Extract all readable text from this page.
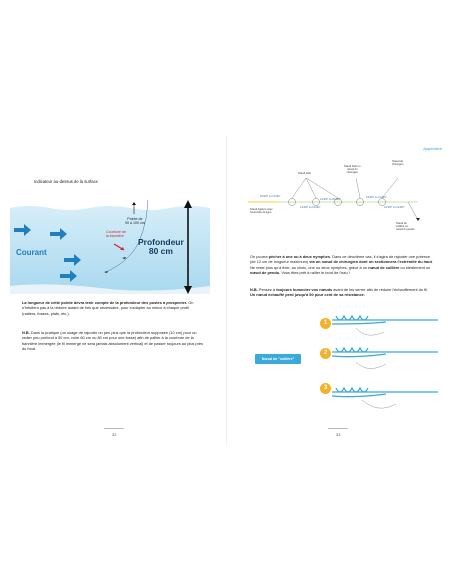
Indicateur au-dessus de la surface
Pointe de
90 à 100 cm
Courbure de
la bannière
Courant
Profondeur
80 cm
La longueur de cette pointe devra tenir compte de la profondeur des postes à prospecter. On n'hésitera pas à la réduire autant de fois que nécessaire, pour s'adapter au mieux à chaque profil (radiers, fosses, plats, etc.).
N.B. Dans la pratique (un usage de rajouter un peu plus que la profondeur supposée (10 cm) pour un radier peu profond à 50 cm, voire 60 cm ou 80 cm pour une fosse) afin de pallier à la courbure de la bannière immergée (le fil immergé ne sera jamais absolument vertical) et de passer toujours au plus près du fond.
32
Appendice
Nœud baril
Nœud baril ou
nœud du
chirurgien
Nœud du
chirurgien
16/100° ou 14/100°
14/100° ou 16/100°
14/100° ou 20/100°
14/100° ou 12/100°
12/100° ou 14/100°
Nœud ligature avec
l'extrémité de ligne
Nœud de
cuillère ou
nœud du pendu
On pourra pêcher à une ou à deux nymphes. Dans ce deuxième cas, il s'agira de rajouter une potence (de 12 cm de longueur maximum) via un nœud de chirurgien dont on sectionnera l'extrémité du haut. Ne reste plus qu'à fixer, au choix, une ou deux nymphes, grâce à un nœud de cuillère ou idéalement un nœud de pendu. Vous êtes prêt à rallier le bord de l'eau !
N.B. Pensez à toujours humecter vos nœuds avant de les serrer afin de réduire l'échauffement du fil. Un nœud échauffé perd jusqu'à 50 pour cent de sa résistance.
1
2
3
Nœud de "cuillère"
33
